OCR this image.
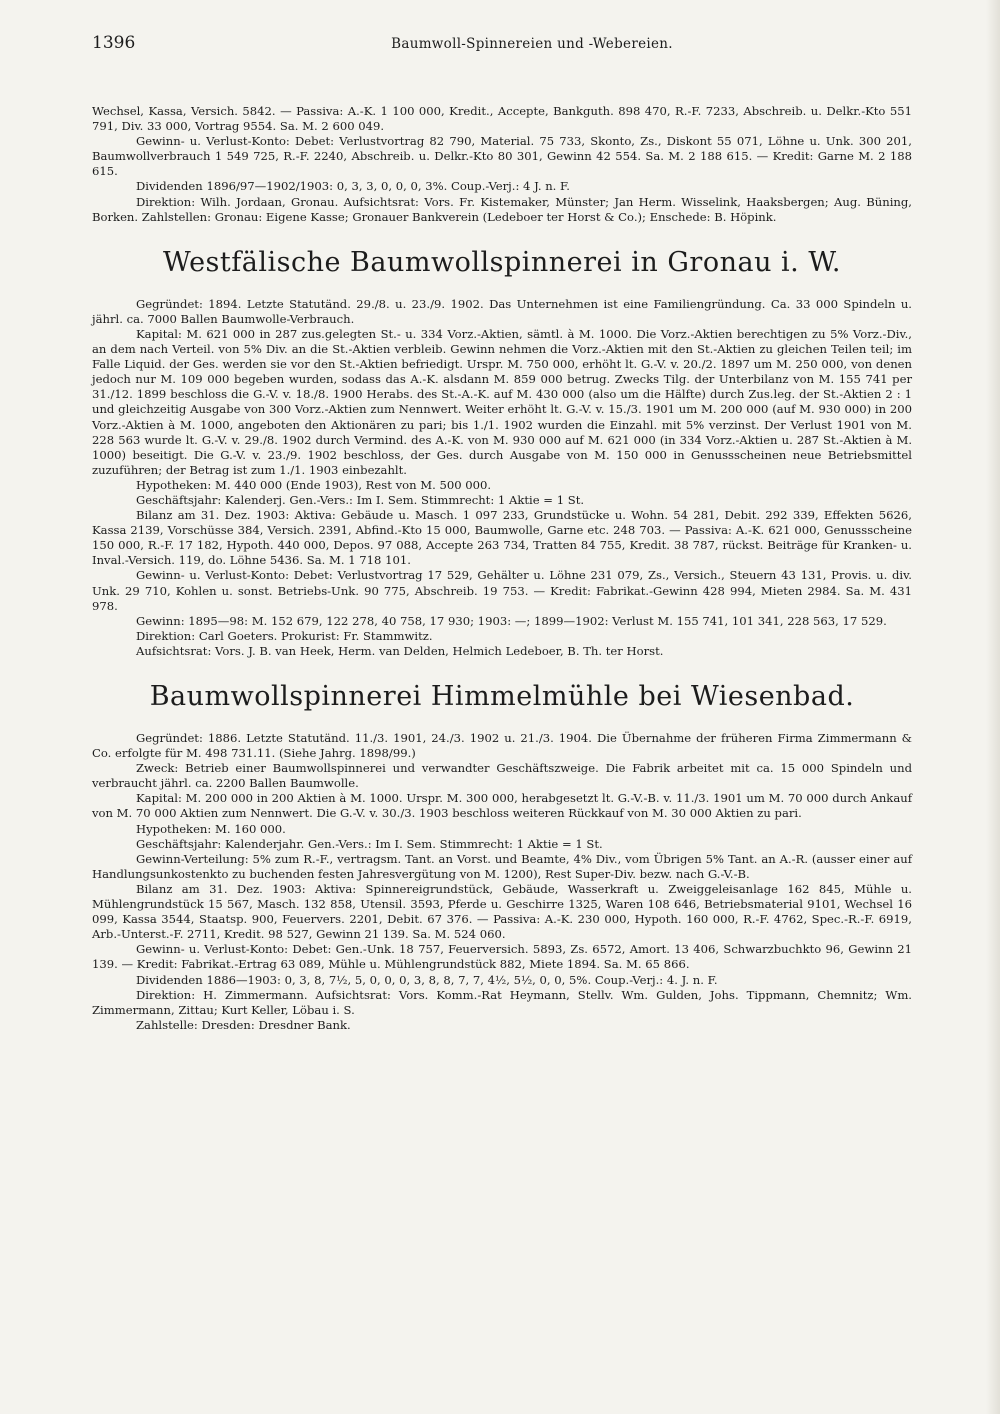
1396	Baumwoll-Spinnereien und -Webereien.

Wechsel, Kassa, Versich. 5842. — Passiva: A.-K. 1 100 000, Kredit., Accepte, Bankguth. 898 470, R.-F. 7233, Abschreib. u. Delkr.-Kto 551 791, Div. 33 000, Vortrag 9554. Sa. M. 2 600 049.

Gewinn- u. Verlust-Konto: Debet: Verlustvortrag 82 790, Material. 75 733, Skonto, Zs., Diskont 55 071, Löhne u. Unk. 300 201, Baumwollverbrauch 1 549 725, R.-F. 2240, Abschreib. u. Delkr.-Kto 80 301, Gewinn 42 554. Sa. M. 2 188 615. — Kredit: Garne M. 2 188 615.

Dividenden 1896/97—1902/1903: 0, 3, 3, 0, 0, 0, 3%. Coup.-Verj.: 4 J. n. F.

Direktion: Wilh. Jordaan, Gronau. Aufsichtsrat: Vors. Fr. Kistemaker, Münster; Jan Herm. Wisselink, Haaksbergen; Aug. Büning, Borken. Zahlstellen: Gronau: Eigene Kasse; Gronauer Bankverein (Ledeboer ter Horst & Co.); Enschede: B. Höpink.

Westfälische Baumwollspinnerei in Gronau i. W.

Gegründet: 1894. Letzte Statutänd. 29./8. u. 23./9. 1902. Das Unternehmen ist eine Familiengründung. Ca. 33 000 Spindeln u. jährl. ca. 7000 Ballen Baumwolle-Verbrauch.

Kapital: M. 621 000 in 287 zus.gelegten St.- u. 334 Vorz.-Aktien, sämtl. à M. 1000. Die Vorz.-Aktien berechtigen zu 5% Vorz.-Div., an dem nach Verteil. von 5% Div. an die St.-Aktien verbleib. Gewinn nehmen die Vorz.-Aktien mit den St.-Aktien zu gleichen Teilen teil; im Falle Liquid. der Ges. werden sie vor den St.-Aktien befriedigt. Urspr. M. 750 000, erhöht lt. G.-V. v. 20./2. 1897 um M. 250 000, von denen jedoch nur M. 109 000 begeben wurden, sodass das A.-K. alsdann M. 859 000 betrug. Zwecks Tilg. der Unterbilanz von M. 155 741 per 31./12. 1899 beschloss die G.-V. v. 18./8. 1900 Herabs. des St.-A.-K. auf M. 430 000 (also um die Hälfte) durch Zus.leg. der St.-Aktien 2 : 1 und gleichzeitig Ausgabe von 300 Vorz.-Aktien zum Nennwert. Weiter erhöht lt. G.-V. v. 15./3. 1901 um M. 200 000 (auf M. 930 000) in 200 Vorz.-Aktien à M. 1000, angeboten den Aktionären zu pari; bis 1./1. 1902 wurden die Einzahl. mit 5% verzinst. Der Verlust 1901 von M. 228 563 wurde lt. G.-V. v. 29./8. 1902 durch Vermind. des A.-K. von M. 930 000 auf M. 621 000 (in 334 Vorz.-Aktien u. 287 St.-Aktien à M. 1000) beseitigt. Die G.-V. v. 23./9. 1902 beschloss, der Ges. durch Ausgabe von M. 150 000 in Genussscheinen neue Betriebsmittel zuzuführen; der Betrag ist zum 1./1. 1903 einbezahlt.

Hypotheken: M. 440 000 (Ende 1903), Rest von M. 500 000.

Geschäftsjahr: Kalenderj. Gen.-Vers.: Im I. Sem. Stimmrecht: 1 Aktie = 1 St.

Bilanz am 31. Dez. 1903: Aktiva: Gebäude u. Masch. 1 097 233, Grundstücke u. Wohn. 54 281, Debit. 292 339, Effekten 5626, Kassa 2139, Vorschüsse 384, Versich. 2391, Abfind.-Kto 15 000, Baumwolle, Garne etc. 248 703. — Passiva: A.-K. 621 000, Genussscheine 150 000, R.-F. 17 182, Hypoth. 440 000, Depos. 97 088, Accepte 263 734, Tratten 84 755, Kredit. 38 787, rückst. Beiträge für Kranken- u. Inval.-Versich. 119, do. Löhne 5436. Sa. M. 1 718 101.

Gewinn- u. Verlust-Konto: Debet: Verlustvortrag 17 529, Gehälter u. Löhne 231 079, Zs., Versich., Steuern 43 131, Provis. u. div. Unk. 29 710, Kohlen u. sonst. Betriebs-Unk. 90 775, Abschreib. 19 753. — Kredit: Fabrikat.-Gewinn 428 994, Mieten 2984. Sa. M. 431 978.

Gewinn: 1895—98: M. 152 679, 122 278, 40 758, 17 930; 1903: —; 1899—1902: Verlust M. 155 741, 101 341, 228 563, 17 529.

Direktion: Carl Goeters. Prokurist: Fr. Stammwitz.

Aufsichtsrat: Vors. J. B. van Heek, Herm. van Delden, Helmich Ledeboer, B. Th. ter Horst.

Baumwollspinnerei Himmelmühle bei Wiesenbad.

Gegründet: 1886. Letzte Statutänd. 11./3. 1901, 24./3. 1902 u. 21./3. 1904. Die Übernahme der früheren Firma Zimmermann & Co. erfolgte für M. 498 731.11. (Siehe Jahrg. 1898/99.)

Zweck: Betrieb einer Baumwollspinnerei und verwandter Geschäftszweige. Die Fabrik arbeitet mit ca. 15 000 Spindeln und verbraucht jährl. ca. 2200 Ballen Baumwolle.

Kapital: M. 200 000 in 200 Aktien à M. 1000. Urspr. M. 300 000, herabgesetzt lt. G.-V.-B. v. 11./3. 1901 um M. 70 000 durch Ankauf von M. 70 000 Aktien zum Nennwert. Die G.-V. v. 30./3. 1903 beschloss weiteren Rückkauf von M. 30 000 Aktien zu pari.

Hypotheken: M. 160 000.

Geschäftsjahr: Kalenderjahr. Gen.-Vers.: Im I. Sem. Stimmrecht: 1 Aktie = 1 St.

Gewinn-Verteilung: 5% zum R.-F., vertragsm. Tant. an Vorst. und Beamte, 4% Div., vom Übrigen 5% Tant. an A.-R. (ausser einer auf Handlungsunkostenkto zu buchenden festen Jahresvergütung von M. 1200), Rest Super-Div. bezw. nach G.-V.-B.

Bilanz am 31. Dez. 1903: Aktiva: Spinnereigrundstück, Gebäude, Wasserkraft u. Zweiggeleisanlage 162 845, Mühle u. Mühlengrundstück 15 567, Masch. 132 858, Utensil. 3593, Pferde u. Geschirre 1325, Waren 108 646, Betriebsmaterial 9101, Wechsel 16 099, Kassa 3544, Staatsp. 900, Feuervers. 2201, Debit. 67 376. — Passiva: A.-K. 230 000, Hypoth. 160 000, R.-F. 4762, Spec.-R.-F. 6919, Arb.-Unterst.-F. 2711, Kredit. 98 527, Gewinn 21 139. Sa. M. 524 060.

Gewinn- u. Verlust-Konto: Debet: Gen.-Unk. 18 757, Feuerversich. 5893, Zs. 6572, Amort. 13 406, Schwarzbuchkto 96, Gewinn 21 139. — Kredit: Fabrikat.-Ertrag 63 089, Mühle u. Mühlengrundstück 882, Miete 1894. Sa. M. 65 866.

Dividenden 1886—1903: 0, 3, 8, 7½, 5, 0, 0, 0, 3, 8, 8, 7, 7, 4½, 5½, 0, 0, 5%. Coup.-Verj.: 4. J. n. F.

Direktion: H. Zimmermann. Aufsichtsrat: Vors. Komm.-Rat Heymann, Stellv. Wm. Gulden, Johs. Tippmann, Chemnitz; Wm. Zimmermann, Zittau; Kurt Keller, Löbau i. S.

Zahlstelle: Dresden: Dresdner Bank.
